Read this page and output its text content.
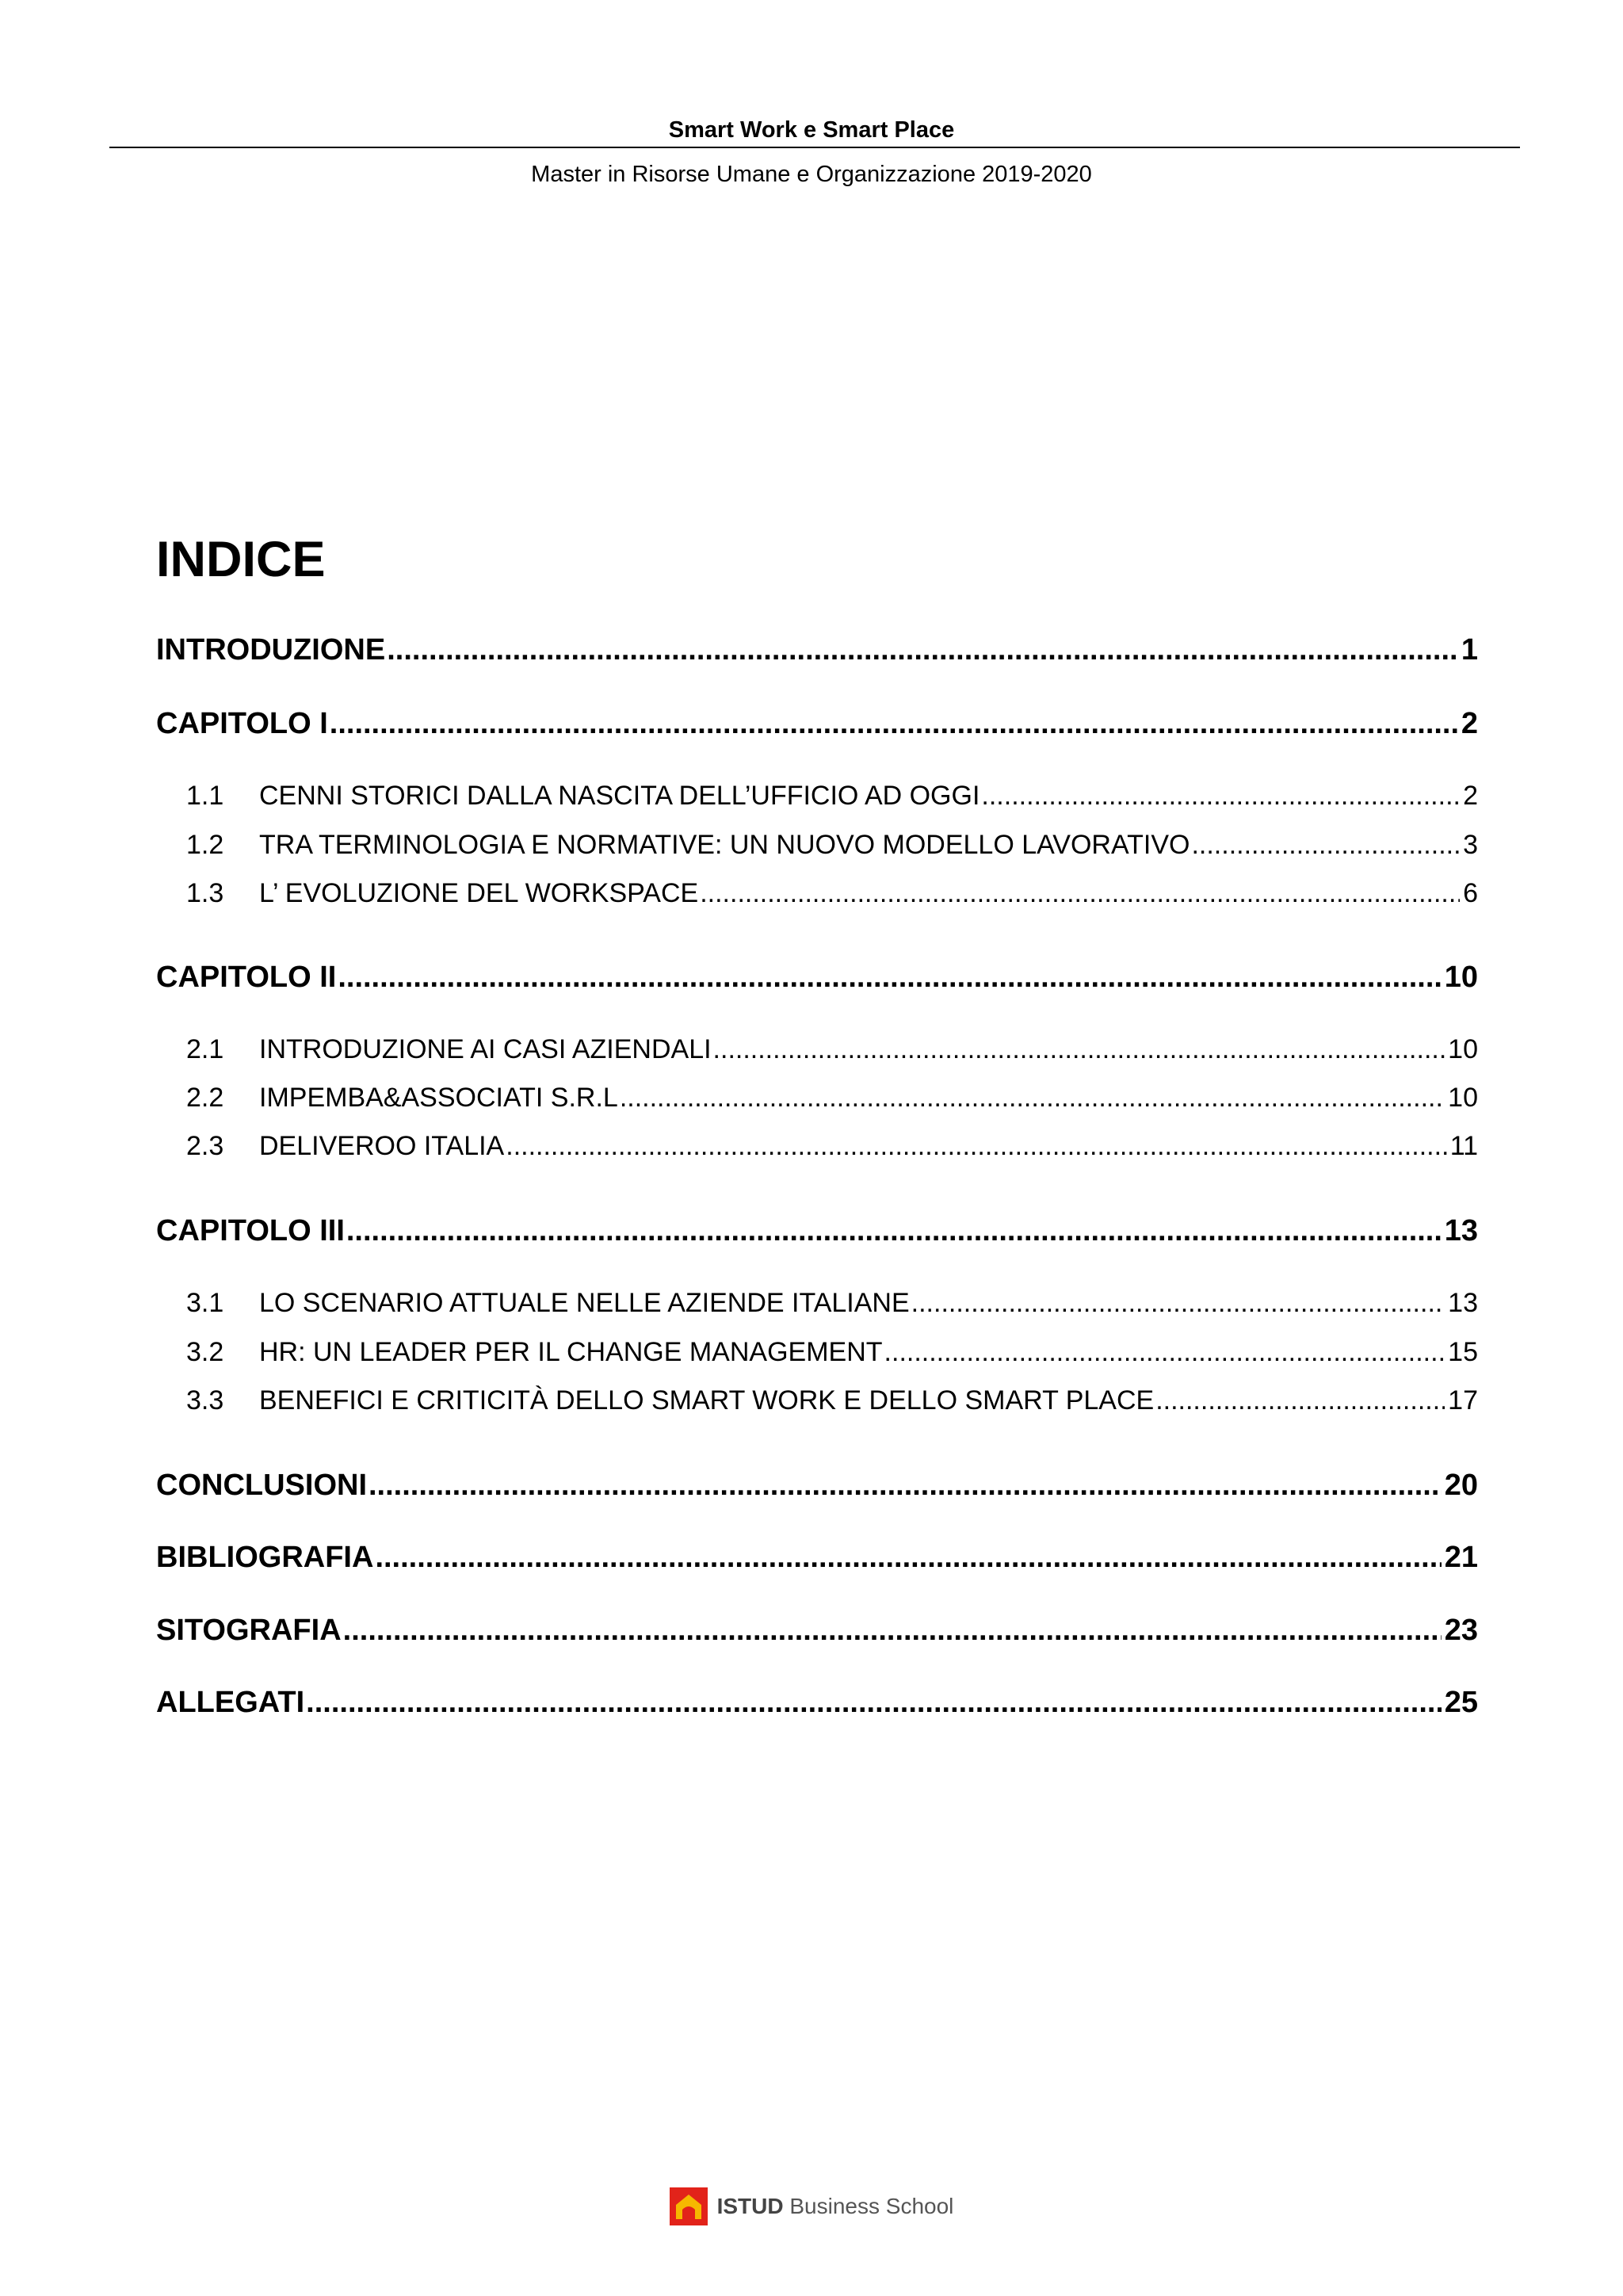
Smart Work e Smart Place
Master in Risorse Umane e Organizzazione 2019-2020
INDICE
INTRODUZIONE .....	1
CAPITOLO I .....	2
1.1	CENNI STORICI DALLA NASCITA DELL’UFFICIO AD OGGI .....	2
1.2	TRA TERMINOLOGIA E NORMATIVE: UN NUOVO MODELLO LAVORATIVO .....	3
1.3	L’ EVOLUZIONE DEL WORKSPACE .....	6
CAPITOLO II .....	10
2.1	INTRODUZIONE AI CASI AZIENDALI .....	10
2.2	IMPEMBA&ASSOCIATI S.R.L .....	10
2.3	DELIVEROO ITALIA .....	11
CAPITOLO III .....	13
3.1	LO SCENARIO ATTUALE NELLE AZIENDE ITALIANE .....	13
3.2	HR: UN LEADER PER IL CHANGE MANAGEMENT .....	15
3.3	BENEFICI E CRITICITÀ DELLO SMART WORK E DELLO SMART PLACE .....	17
CONCLUSIONI .....	20
BIBLIOGRAFIA .....	21
SITOGRAFIA .....	23
ALLEGATI .....	25
ISTUD Business School
